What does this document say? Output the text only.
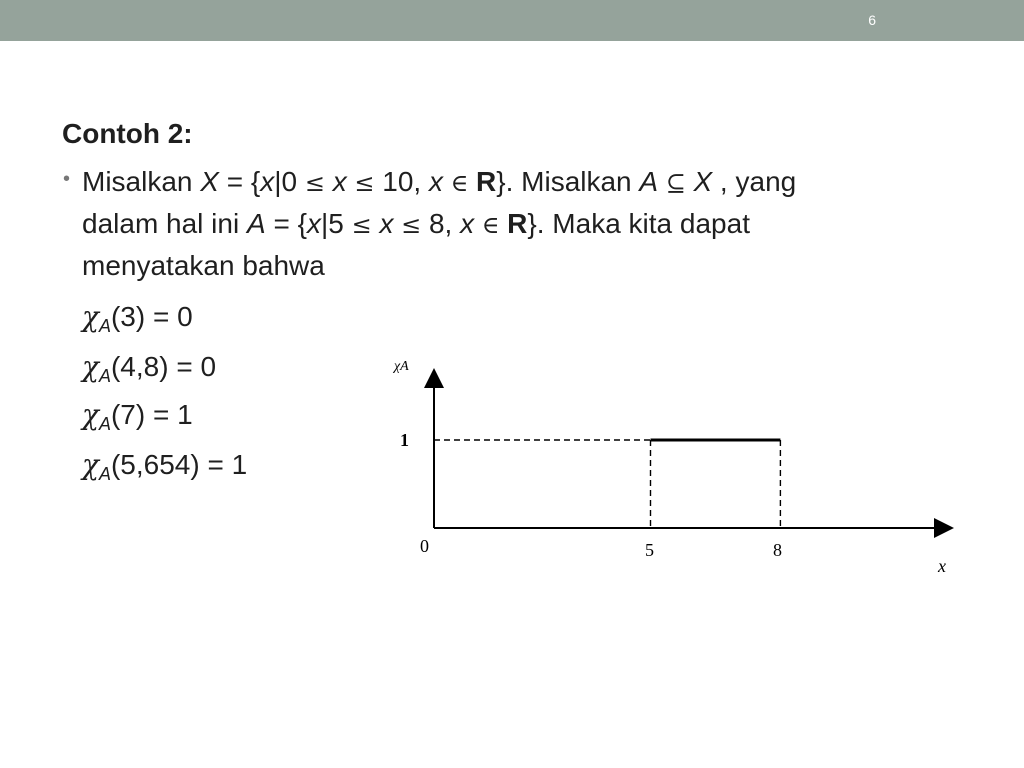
6
Contoh 2:
• Misalkan X = {x|0 ≤ x ≤ 10, x ∈ R}. Misalkan A ⊆ X , yang
dalam hal ini A = {x|5 ≤ x ≤ 8, x ∈ R}. Maka kita dapat
menyatakan bahwa
$\chi_A(3) = 0$
$\chi_A(4,8) = 0$
$\chi_A(7) = 1$
$\chi_A(5,654) = 1$
χA
x
0	5	8
1
